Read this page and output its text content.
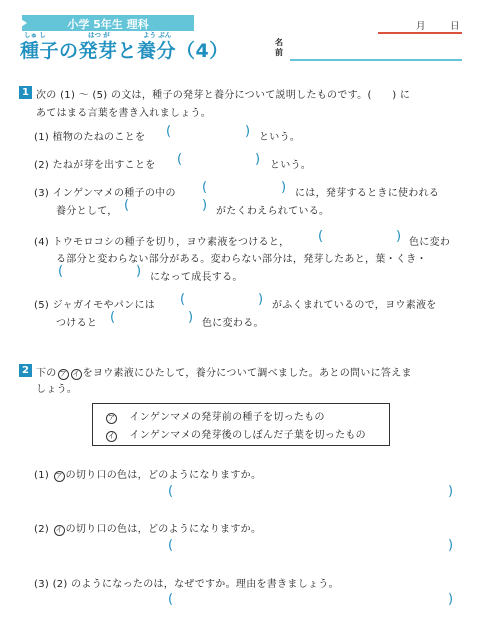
小学 5年生 理科	月	日
しゅ し	はつ が	よう ぶん
種子の発芽と養分（4）	名前
1 次の (1) ～ (5) の文は，種子の発芽と養分について説明したものです。(　　) に
あてはまる言葉を書き入れましょう。
(1) 植物のたねのことを (	) という。
(2) たねが芽を出すことを (	) という。
(3) インゲンマメの種子の中の (	) には，発芽するときに使われる
養分として， (	) がたくわえられている。
(4) トウモロコシの種子を切り，ヨウ素液をつけると， (	) 色に変わ
る部分と変わらない部分がある。変わらない部分は，発芽したあと，葉・くき・
(	) になって成長する。
(5) ジャガイモやパンには (	) がふくまれているので，ヨウ素液を
つけると (	) 色に変わる。
2 下の ア イ をヨウ素液にひたして，養分について調べました。あとの問いに答えま
しょう。
ア インゲンマメの発芽前の種子を切ったもの
イ インゲンマメの発芽後のしぼんだ子葉を切ったもの
(1) ア の切り口の色は，どのようになりますか。
(	)
(2) イ の切り口の色は，どのようになりますか。
(	)
(3) (2) のようになったのは，なぜですか。理由を書きましょう。
(	)
